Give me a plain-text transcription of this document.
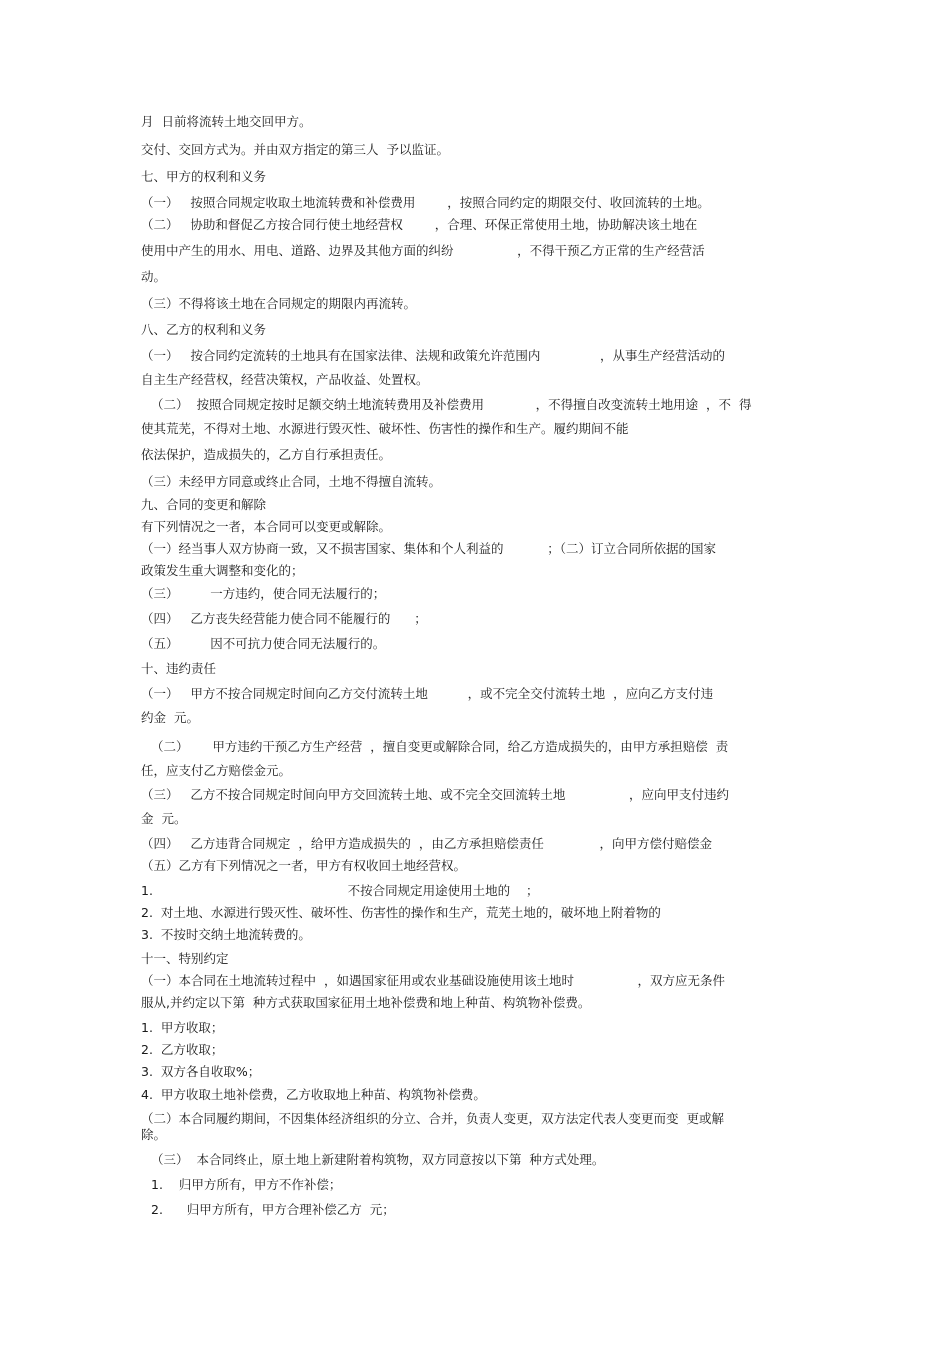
月  日前将流转土地交回甲方。
交付、交回方式为。并由双方指定的第三人  予以监证。
七、甲方的权利和义务
（一）   按照合同规定收取土地流转费和补偿费用        ，按照合同约定的期限交付、收回流转的土地。
（二）   协助和督促乙方按合同行使土地经营权        ，合理、环保正常使用土地，协助解决该土地在
使用中产生的用水、用电、道路、边界及其他方面的纠纷                ，不得干预乙方正常的生产经营活
动。
（三）不得将该土地在合同规定的期限内再流转。
八、乙方的权利和义务
（一）   按合同约定流转的土地具有在国家法律、法规和政策允许范围内               ，从事生产经营活动的
自主生产经营权，经营决策权，产品收益、处置权。
（二）  按照合同规定按时足额交纳土地流转费用及补偿费用             ，不得擅自改变流转土地用途  ，不  得
使其荒芜，不得对土地、水源进行毁灭性、破坏性、伤害性的操作和生产。履约期间不能
依法保护，造成损失的，乙方自行承担责任。
（三）未经甲方同意或终止合同，土地不得擅自流转。
九、合同的变更和解除
有下列情况之一者，本合同可以变更或解除。
（一）经当事人双方协商一致，又不损害国家、集体和个人利益的           ；（二）订立合同所依据的国家
政策发生重大调整和变化的；
（三）        一方违约，使合同无法履行的；
（四）   乙方丧失经营能力使合同不能履行的      ；
（五）        因不可抗力使合同无法履行的。
十、违约责任
（一）   甲方不按合同规定时间向乙方交付流转土地          ，或不完全交付流转土地  ，应向乙方支付违
约金  元。
（二）      甲方违约干预乙方生产经营  ，擅自变更或解除合同，给乙方造成损失的，由甲方承担赔偿  责
任，应支付乙方赔偿金元。
（三）   乙方不按合同规定时间向甲方交回流转土地、或不完全交回流转土地                ，应向甲支付违约
金  元。
（四）   乙方违背合同规定  ，给甲方造成损失的  ，由乙方承担赔偿责任              ，向甲方偿付赔偿金
（五）乙方有下列情况之一者，甲方有权收回土地经营权。
1.                                                 不按合同规定用途使用土地的    ；
2.  对土地、水源进行毁灭性、破坏性、伤害性的操作和生产，荒芜土地的，破坏地上附着物的
3.  不按时交纳土地流转费的。
十一、特别约定
（一）本合同在土地流转过程中  ，如遇国家征用或农业基础设施使用该土地时                ，双方应无条件
服从,并约定以下第  种方式获取国家征用土地补偿费和地上种苗、构筑物补偿费。
1.  甲方收取；
2.  乙方收取；
3.  双方各自收取%；
4.  甲方收取土地补偿费，乙方收取地上种苗、构筑物补偿费。
（二）本合同履约期间，不因集体经济组织的分立、合并，负责人变更，双方法定代表人变更而变  更或解
除。
（三）  本合同终止，原土地上新建附着构筑物，双方同意按以下第  种方式处理。
1.    归甲方所有，甲方不作补偿；
2.      归甲方所有，甲方合理补偿乙方  元；
